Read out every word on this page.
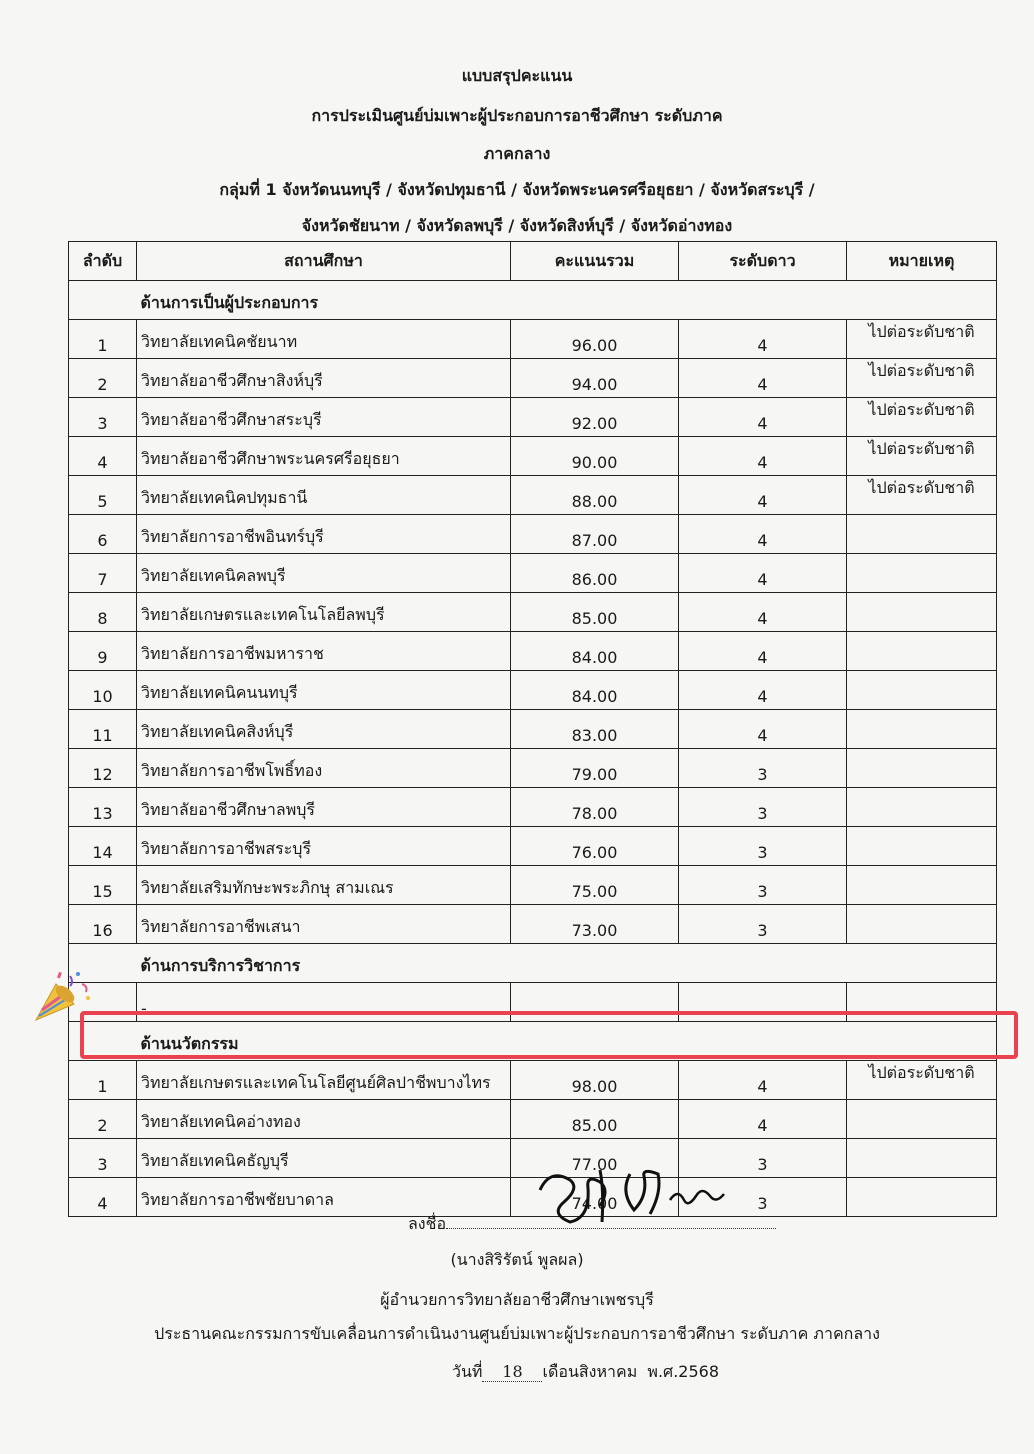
แบบสรุปคะแนน
การประเมินศูนย์บ่มเพาะผู้ประกอบการอาชีวศึกษา ระดับภาค
ภาคกลาง
กลุ่มที่ 1 จังหวัดนนทบุรี / จังหวัดปทุมธานี / จังหวัดพระนครศรีอยุธยา / จังหวัดสระบุรี /
จังหวัดชัยนาท / จังหวัดลพบุรี / จังหวัดสิงห์บุรี / จังหวัดอ่างทอง
ลำดับ	สถานศึกษา	คะแนนรวม	ระดับดาว	หมายเหตุ
	ด้านการเป็นผู้ประกอบการ			
1	วิทยาลัยเทคนิคชัยนาท	96.00	4	ไปต่อระดับชาติ
2	วิทยาลัยอาชีวศึกษาสิงห์บุรี	94.00	4	ไปต่อระดับชาติ
3	วิทยาลัยอาชีวศึกษาสระบุรี	92.00	4	ไปต่อระดับชาติ
4	วิทยาลัยอาชีวศึกษาพระนครศรีอยุธยา	90.00	4	ไปต่อระดับชาติ
5	วิทยาลัยเทคนิคปทุมธานี	88.00	4	ไปต่อระดับชาติ
6	วิทยาลัยการอาชีพอินทร์บุรี	87.00	4	
7	วิทยาลัยเทคนิคลพบุรี	86.00	4	
8	วิทยาลัยเกษตรและเทคโนโลยีลพบุรี	85.00	4	
9	วิทยาลัยการอาชีพมหาราช	84.00	4	
10	วิทยาลัยเทคนิคนนทบุรี	84.00	4	
11	วิทยาลัยเทคนิคสิงห์บุรี	83.00	4	
12	วิทยาลัยการอาชีพโพธิ์ทอง	79.00	3	
13	วิทยาลัยอาชีวศึกษาลพบุรี	78.00	3	
14	วิทยาลัยการอาชีพสระบุรี	76.00	3	
15	วิทยาลัยเสริมทักษะพระภิกษุ สามเณร	75.00	3	
16	วิทยาลัยการอาชีพเสนา	73.00	3	
	ด้านการบริการวิชาการ			
	-			
	ด้านนวัตกรรม			
1	วิทยาลัยเกษตรและเทคโนโลยีศูนย์ศิลปาชีพบางไทร	98.00	4	ไปต่อระดับชาติ
2	วิทยาลัยเทคนิคอ่างทอง	85.00	4	
3	วิทยาลัยเทคนิคธัญบุรี	77.00	3	
4	วิทยาลัยการอาชีพชัยบาดาล	74.00	3	
ลงชื่อ
(นางสิริรัตน์ พูลผล)
ผู้อำนวยการวิทยาลัยอาชีวศึกษาเพชรบุรี
ประธานคณะกรรมการขับเคลื่อนการดำเนินงานศูนย์บ่มเพาะผู้ประกอบการอาชีวศึกษา ระดับภาค ภาคกลาง
วันที่ 18 เดือนสิงหาคม พ.ศ.2568
